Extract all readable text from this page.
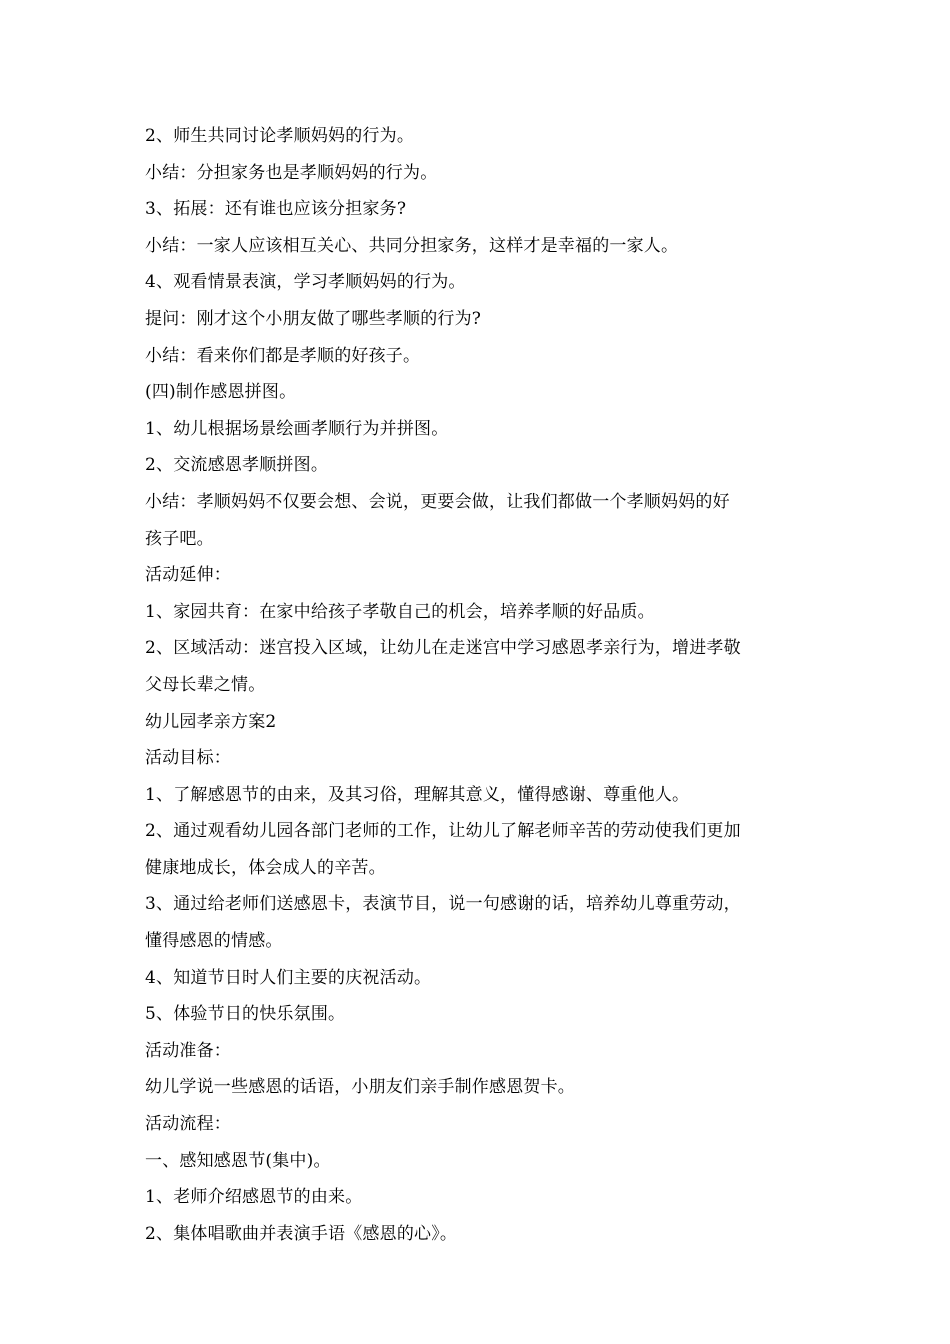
2、师生共同讨论孝顺妈妈的行为。
小结：分担家务也是孝顺妈妈的行为。
3、拓展：还有谁也应该分担家务?
小结：一家人应该相互关心、共同分担家务，这样才是幸福的一家人。
4、观看情景表演，学习孝顺妈妈的行为。
提问：刚才这个小朋友做了哪些孝顺的行为?
小结：看来你们都是孝顺的好孩子。
(四)制作感恩拼图。
1、幼儿根据场景绘画孝顺行为并拼图。
2、交流感恩孝顺拼图。
小结：孝顺妈妈不仅要会想、会说，更要会做，让我们都做一个孝顺妈妈的好
孩子吧。
活动延伸：
1、家园共育：在家中给孩子孝敬自己的机会，培养孝顺的好品质。
2、区域活动：迷宫投入区域，让幼儿在走迷宫中学习感恩孝亲行为，增进孝敬
父母长辈之情。
幼儿园孝亲方案2
活动目标：
1、了解感恩节的由来，及其习俗，理解其意义，懂得感谢、尊重他人。
2、通过观看幼儿园各部门老师的工作，让幼儿了解老师辛苦的劳动使我们更加
健康地成长，体会成人的辛苦。
3、通过给老师们送感恩卡，表演节目，说一句感谢的话，培养幼儿尊重劳动，
懂得感恩的情感。
4、知道节日时人们主要的庆祝活动。
5、体验节日的快乐氛围。
活动准备：
幼儿学说一些感恩的话语，小朋友们亲手制作感恩贺卡。
活动流程：
一、感知感恩节(集中)。
1、老师介绍感恩节的由来。
2、集体唱歌曲并表演手语《感恩的心》。
